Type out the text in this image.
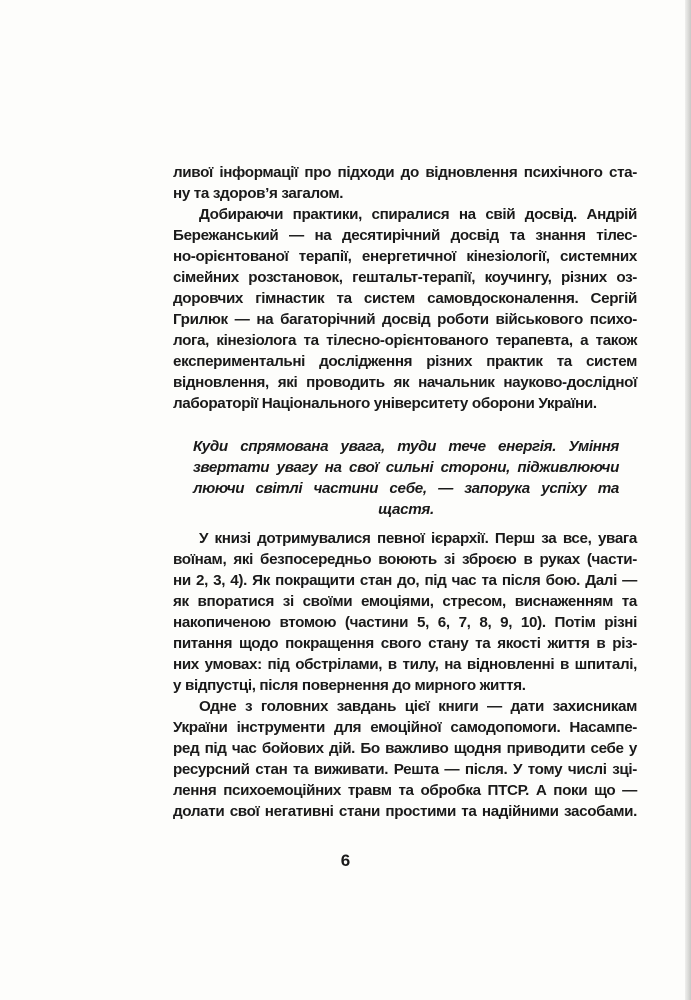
ливої інформації про підходи до відновлення психічного ста-
ну та здоров’я загалом.
Добираючи практики, спиралися на свій досвід. Андрій
Бережанський — на десятирічний досвід та знання тілес-
но-орієнтованої терапії, енергетичної кінезіології, системних
сімейних розстановок, гештальт-терапії, коучингу, різних оз-
доровчих гімнастик та систем самовдосконалення. Сергій
Грилюк — на багаторічний досвід роботи військового психо-
лога, кінезіолога та тілесно-орієнтованого терапевта, а також
експериментальні дослідження різних практик та систем
відновлення, які проводить як начальник науково-дослідної
лабораторії Національного університету оборони України.
Куди спрямована увага, туди тече енергія. Уміння
звертати увагу на свої сильні сторони, підживлюючи
люючи світлі частини себе, — запорука успіху та
щастя.
У книзі дотримувалися певної ієрархії. Перш за все, увага
воїнам, які безпосередньо воюють зі зброєю в руках (части-
ни 2, 3, 4). Як покращити стан до, під час та після бою. Далі —
як впоратися зі своїми емоціями, стресом, виснаженням та
накопиченою втомою (частини 5, 6, 7, 8, 9, 10). Потім різні
питання щодо покращення свого стану та якості життя в різ-
них умовах: під обстрілами, в тилу, на відновленні в шпиталі,
у відпустці, після повернення до мирного життя.
Одне з головних завдань цієї книги — дати захисникам
України інструменти для емоційної самодопомоги. Насампе-
ред під час бойових дій. Бо важливо щодня приводити себе у
ресурсний стан та виживати. Решта — після. У тому числі зці-
лення психоемоційних травм та обробка ПТСР. А поки що —
долати свої негативні стани простими та надійними засобами.
6
